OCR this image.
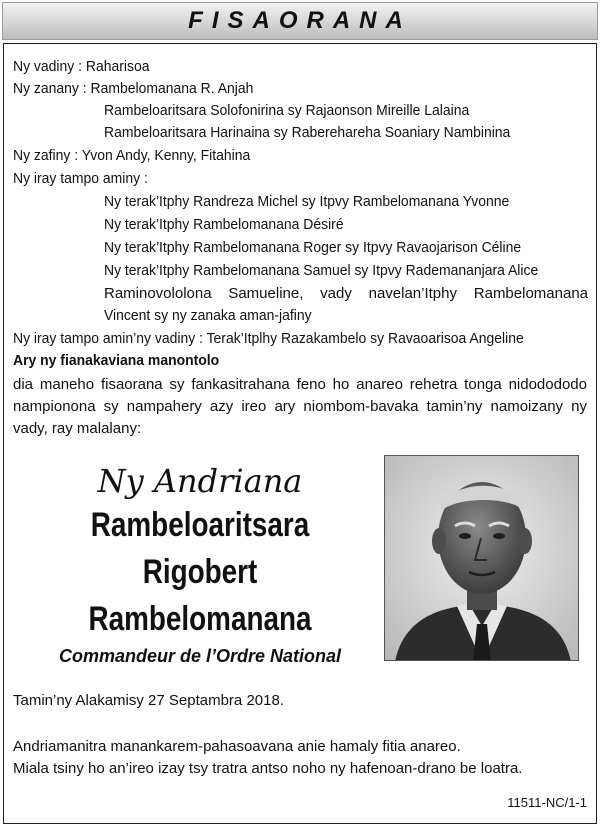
FISAORANA
Ny vadiny : Raharisoa
Ny zanany : Rambelomanana R. Anjah
Rambeloaritsara Solofonirina sy Rajaonson Mireille Lalaina
Rambeloaritsara Harinaina sy Raberehareha Soaniary Nambinina
Ny zafiny : Yvon Andy, Kenny, Fitahina
Ny iray tampo aminy :
Ny terak’Itphy Randreza Michel sy Itpvy Rambelomanana Yvonne
Ny terak’Itphy Rambelomanana Désiré
Ny terak’Itphy Rambelomanana Roger sy Itpvy Ravaojarison Céline
Ny terak’Itphy Rambelomanana Samuel sy Itpvy Rademananjara Alice
Raminovololona Samueline, vady navelan’Itphy Rambelomanana
Vincent sy ny zanaka aman-jafiny
Ny iray tampo amin’ny vadiny : Terak’Itplhy Razakambelo sy Ravaoarisoa Angeline
Ary ny fianakaviana manontolo
dia maneho fisaorana sy fankasitrahana feno ho anareo rehetra tonga nidodododo nampionona sy nampahery azy ireo ary niombom-bavaka tamin’ny namoizany ny vady, ray malalany:
Ny Andriana
Rambeloaritsara
Rigobert
Rambelomanana
Commandeur de l’Ordre National
Tamin’ny Alakamisy 27 Septambra 2018.
Andriamanitra manankarem-pahasoavana anie hamaly fitia anareo.
Miala tsiny ho an’ireo izay tsy tratra antso noho ny hafenoan-drano be loatra.
11511-NC/1-1
